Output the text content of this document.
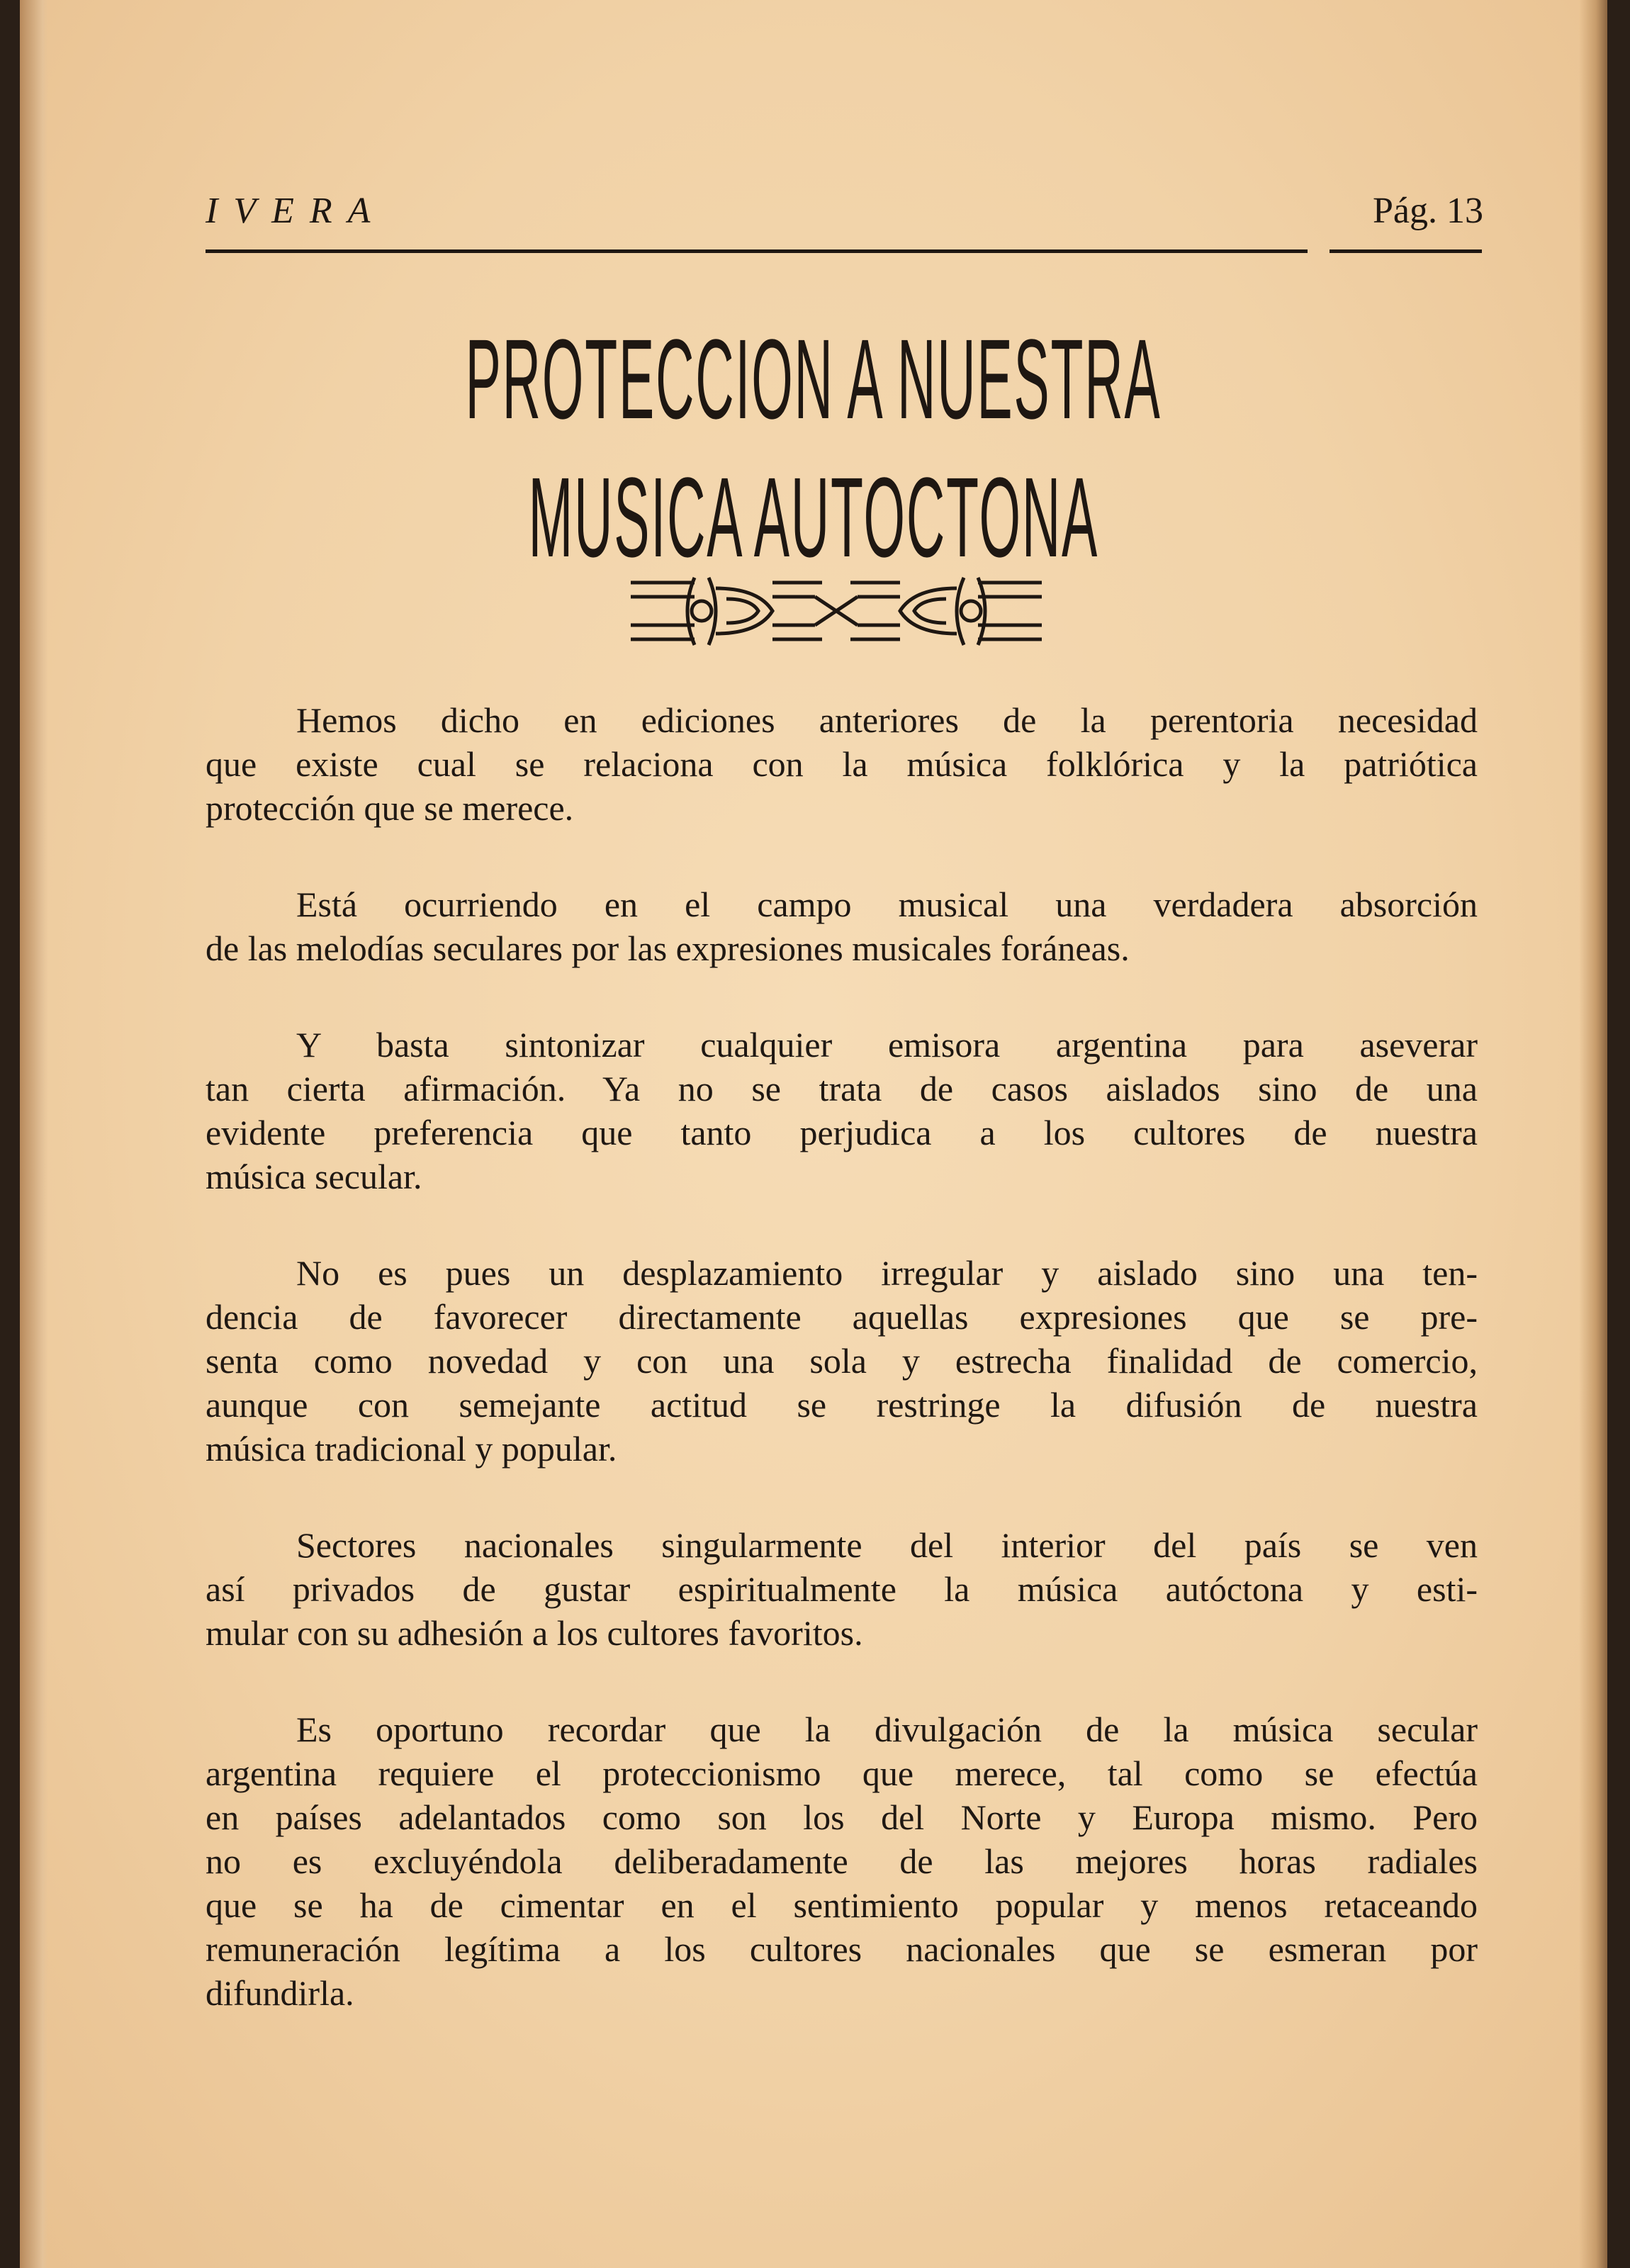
IVERA	Pág. 13
PROTECCION A NUESTRA
MUSICA AUTOCTONA
Hemos dicho en ediciones anteriores de la perentoria necesidad
que existe cual se relaciona con la música folklórica y la patriótica
protección que se merece.
Está ocurriendo en el campo musical una verdadera absorción
de las melodías seculares por las expresiones musicales foráneas.
Y basta sintonizar cualquier emisora argentina para aseverar
tan cierta afirmación. Ya no se trata de casos aislados sino de una
evidente preferencia que tanto perjudica a los cultores de nuestra
música secular.
No es pues un desplazamiento irregular y aislado sino una ten-
dencia de favorecer directamente aquellas expresiones que se pre-
senta como novedad y con una sola y estrecha finalidad de comercio,
aunque con semejante actitud se restringe la difusión de nuestra
música tradicional y popular.
Sectores nacionales singularmente del interior del país se ven
así privados de gustar espiritualmente la música autóctona y esti-
mular con su adhesión a los cultores favoritos.
Es oportuno recordar que la divulgación de la música secular
argentina requiere el proteccionismo que merece, tal como se efectúa
en países adelantados como son los del Norte y Europa mismo. Pero
no es excluyéndola deliberadamente de las mejores horas radiales
que se ha de cimentar en el sentimiento popular y menos retaceando
remuneración legítima a los cultores nacionales que se esmeran por
difundirla.
